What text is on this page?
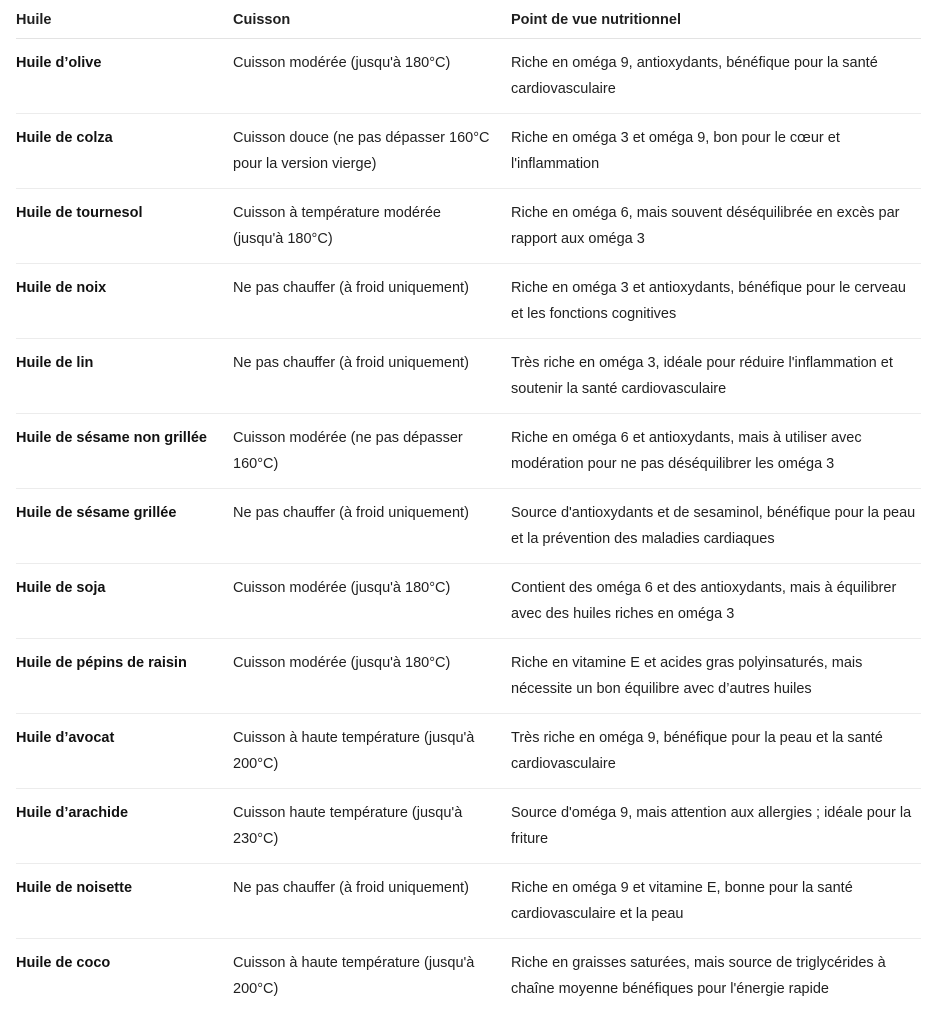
Huile	Cuisson	Point de vue nutritionnel
Huile d’olive	Cuisson modérée (jusqu'à 180°C)	Riche en oméga 9, antioxydants, bénéfique pour la santé cardiovasculaire
Huile de colza	Cuisson douce (ne pas dépasser 160°C pour la version vierge)	Riche en oméga 3 et oméga 9, bon pour le cœur et l'inflammation
Huile de tournesol	Cuisson à température modérée (jusqu'à 180°C)	Riche en oméga 6, mais souvent déséquilibrée en excès par rapport aux oméga 3
Huile de noix	Ne pas chauffer (à froid uniquement)	Riche en oméga 3 et antioxydants, bénéfique pour le cerveau et les fonctions cognitives
Huile de lin	Ne pas chauffer (à froid uniquement)	Très riche en oméga 3, idéale pour réduire l'inflammation et soutenir la santé cardiovasculaire
Huile de sésame non grillée	Cuisson modérée (ne pas dépasser 160°C)	Riche en oméga 6 et antioxydants, mais à utiliser avec modération pour ne pas déséquilibrer les oméga 3
Huile de sésame grillée	Ne pas chauffer (à froid uniquement)	Source d'antioxydants et de sesaminol, bénéfique pour la peau et la prévention des maladies cardiaques
Huile de soja	Cuisson modérée (jusqu'à 180°C)	Contient des oméga 6 et des antioxydants, mais à équilibrer avec des huiles riches en oméga 3
Huile de pépins de raisin	Cuisson modérée (jusqu'à 180°C)	Riche en vitamine E et acides gras polyinsaturés, mais nécessite un bon équilibre avec d’autres huiles
Huile d’avocat	Cuisson à haute température (jusqu'à 200°C)	Très riche en oméga 9, bénéfique pour la peau et la santé cardiovasculaire
Huile d’arachide	Cuisson haute température (jusqu'à 230°C)	Source d'oméga 9, mais attention aux allergies ; idéale pour la friture
Huile de noisette	Ne pas chauffer (à froid uniquement)	Riche en oméga 9 et vitamine E, bonne pour la santé cardiovasculaire et la peau
Huile de coco	Cuisson à haute température (jusqu'à 200°C)	Riche en graisses saturées, mais source de triglycérides à chaîne moyenne bénéfiques pour l'énergie rapide
